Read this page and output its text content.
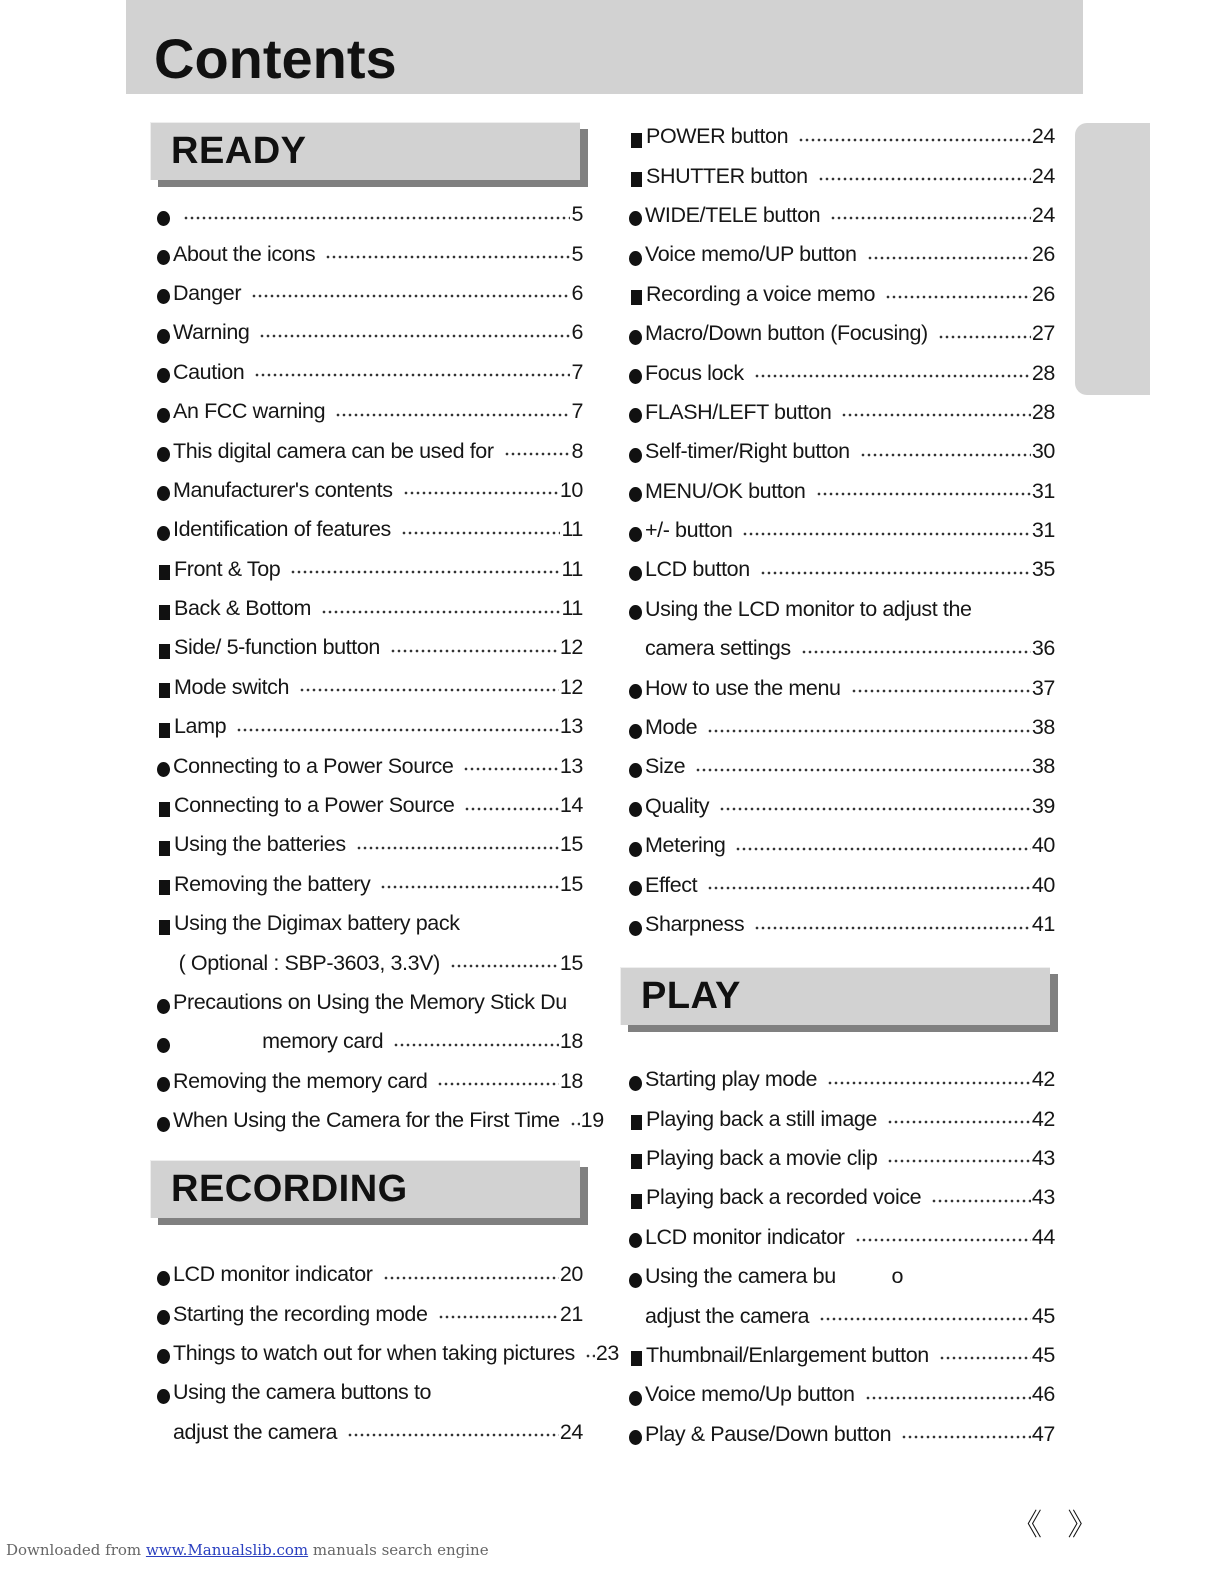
Contents
READY
5
About the icons	5
Danger	6
Warning	6
Caution	7
An FCC warning	7
This digital camera can be used for	8
Manufacturer's contents	10
Identification of features	11
Front & Top	11
Back & Bottom	11
Side/ 5-function button	12
Mode switch	12
Lamp	13
Connecting to a Power Source	13
Connecting to a Power Source	14
Using the batteries	15
Removing the battery	15
Using the Digimax battery pack
( Optional : SBP-3603, 3.3V)	15
Precautions on Using the Memory Stick Du
memory card	18
Removing the memory card	18
When Using the Camera for the First Time 19
RECORDING
LCD monitor indicator	20
Starting the recording mode	21
Things to watch out for when taking pictures 23
Using the camera buttons to
adjust the camera	24
POWER button	24
SHUTTER button	24
WIDE/TELE button	24
Voice memo/UP button	26
Recording a voice memo	26
Macro/Down button (Focusing)	27
Focus lock	28
FLASH/LEFT button	28
Self-timer/Right button	30
MENU/OK button	31
+/- button	31
LCD button	35
Using the LCD monitor to adjust the
camera settings	36
How to use the menu	37
Mode	38
Size	38
Quality	39
Metering	40
Effect	40
Sharpness	41
PLAY
Starting play mode	42
Playing back a still image	42
Playing back a movie clip	43
Playing back a recorded voice	43
LCD monitor indicator	44
Using the camera bu          o
adjust the camera	45
Thumbnail/Enlargement button	45
Voice memo/Up button	46
Play & Pause/Down button	47
《 》
Downloaded from www.Manualslib.com manuals search engine
